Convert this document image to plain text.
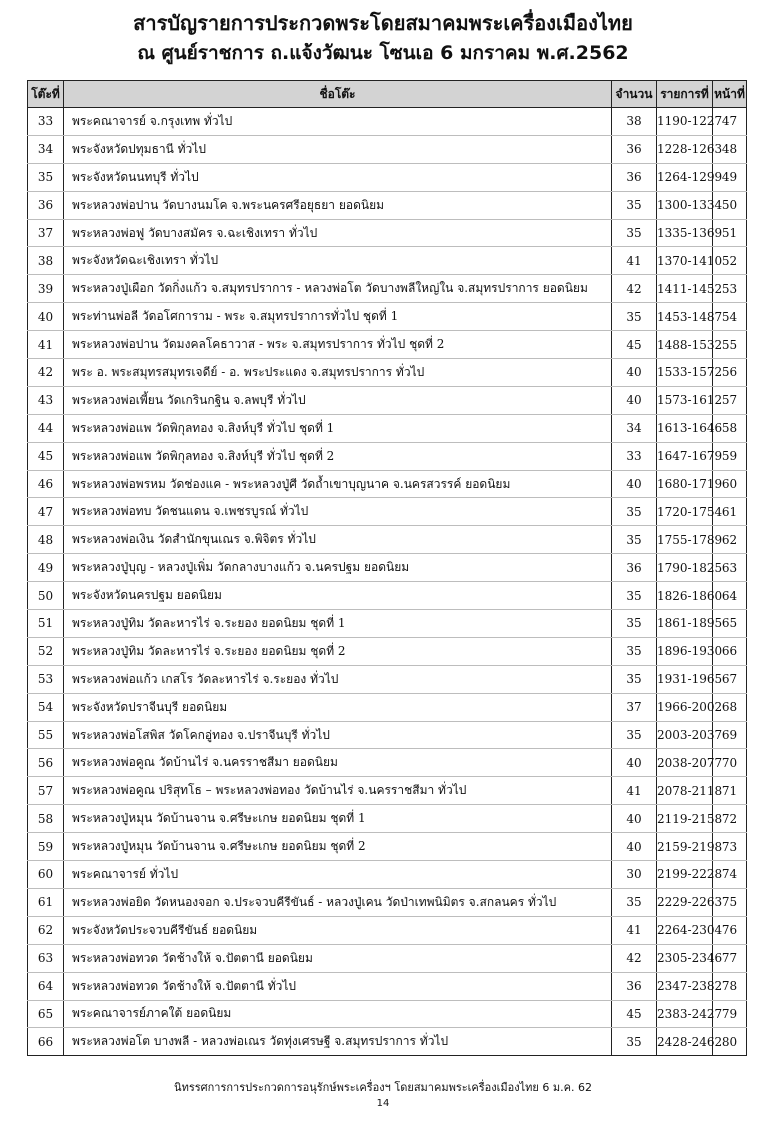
สารบัญรายการประกวดพระโดยสมาคมพระเครื่องเมืองไทย
ณ ศูนย์ราชการ ถ.แจ้งวัฒนะ โซนเอ 6 มกราคม พ.ศ.2562
โต๊ะที่	ชื่อโต๊ะ	จำนวน	รายการที่	หน้าที่
33	พระคณาจารย์ จ.กรุงเทพ ทั่วไป	38	1190-1227	47
34	พระจังหวัดปทุมธานี ทั่วไป	36	1228-1263	48
35	พระจังหวัดนนทบุรี ทั่วไป	36	1264-1299	49
36	พระหลวงพ่อปาน วัดบางนมโค จ.พระนครศรีอยุธยา ยอดนิยม	35	1300-1334	50
37	พระหลวงพ่อฟู วัดบางสมัคร จ.ฉะเชิงเทรา ทั่วไป	35	1335-1369	51
38	พระจังหวัดฉะเชิงเทรา ทั่วไป	41	1370-1410	52
39	พระหลวงปู่เผือก วัดกิ่งแก้ว จ.สมุทรปราการ - หลวงพ่อโต วัดบางพลีใหญ่ใน จ.สมุทรปราการ ยอดนิยม	42	1411-1452	53
40	พระท่านพ่อลี วัดอโศการาม - พระ จ.สมุทรปราการทั่วไป ชุดที่ 1	35	1453-1487	54
41	พระหลวงพ่อปาน วัดมงคลโคธาวาส - พระ จ.สมุทรปราการ ทั่วไป ชุดที่ 2	45	1488-1532	55
42	พระ อ. พระสมุทรสมุทรเจดีย์ - อ. พระประแดง จ.สมุทรปราการ ทั่วไป	40	1533-1572	56
43	พระหลวงพ่อเพี้ยน วัดเกรินกฐิน จ.ลพบุรี ทั่วไป	40	1573-1612	57
44	พระหลวงพ่อแพ วัดพิกุลทอง จ.สิงห์บุรี ทั่วไป ชุดที่ 1	34	1613-1646	58
45	พระหลวงพ่อแพ วัดพิกุลทอง จ.สิงห์บุรี ทั่วไป ชุดที่ 2	33	1647-1679	59
46	พระหลวงพ่อพรหม วัดช่องแค - พระหลวงปู่ศี วัดถ้ำเขาบุญนาค จ.นครสวรรค์ ยอดนิยม	40	1680-1719	60
47	พระหลวงพ่อทบ วัดชนแดน จ.เพชรบูรณ์ ทั่วไป	35	1720-1754	61
48	พระหลวงพ่อเงิน วัดสำนักขุนเณร จ.พิจิตร ทั่วไป	35	1755-1789	62
49	พระหลวงปู่บุญ - หลวงปู่เพิ่ม วัดกลางบางแก้ว จ.นครปฐม ยอดนิยม	36	1790-1825	63
50	พระจังหวัดนครปฐม ยอดนิยม	35	1826-1860	64
51	พระหลวงปู่ทิม วัดละหารไร่ จ.ระยอง ยอดนิยม ชุดที่ 1	35	1861-1895	65
52	พระหลวงปู่ทิม วัดละหารไร่ จ.ระยอง ยอดนิยม ชุดที่ 2	35	1896-1930	66
53	พระหลวงพ่อแก้ว เกสโร วัดละหารไร่ จ.ระยอง ทั่วไป	35	1931-1965	67
54	พระจังหวัดปราจีนบุรี ยอดนิยม	37	1966-2002	68
55	พระหลวงพ่อโสพิส วัดโคกอู่ทอง จ.ปราจีนบุรี ทั่วไป	35	2003-2037	69
56	พระหลวงพ่อคูณ วัดบ้านไร่ จ.นครราชสีมา ยอดนิยม	40	2038-2077	70
57	พระหลวงพ่อคูณ ปริสุทโธ – พระหลวงพ่อทอง วัดบ้านไร่ จ.นครราชสีมา ทั่วไป	41	2078-2118	71
58	พระหลวงปู่หมุน วัดบ้านจาน จ.ศรีษะเกษ ยอดนิยม ชุดที่ 1	40	2119-2158	72
59	พระหลวงปู่หมุน วัดบ้านจาน จ.ศรีษะเกษ ยอดนิยม ชุดที่ 2	40	2159-2198	73
60	พระคณาจารย์ ทั่วไป	30	2199-2228	74
61	พระหลวงพ่อยิด วัดหนองจอก จ.ประจวบคีรีขันธ์ - หลวงปู่เคน วัดป่าเทพนิมิตร จ.สกลนคร ทั่วไป	35	2229-2263	75
62	พระจังหวัดประจวบคีรีขันธ์ ยอดนิยม	41	2264-2304	76
63	พระหลวงพ่อทวด วัดช้างให้ จ.ปัตตานี ยอดนิยม	42	2305-2346	77
64	พระหลวงพ่อทวด วัดช้างให้ จ.ปัตตานี ทั่วไป	36	2347-2382	78
65	พระคณาจารย์ภาคใต้ ยอดนิยม	45	2383-2427	79
66	พระหลวงพ่อโต บางพลี - หลวงพ่อเณร วัดทุ่งเศรษฐี จ.สมุทรปราการ ทั่วไป	35	2428-2462	80
นิทรรศการการประกวดการอนุรักษ์พระเครื่องฯ โดยสมาคมพระเครื่องเมืองไทย 6 ม.ค. 62
14
